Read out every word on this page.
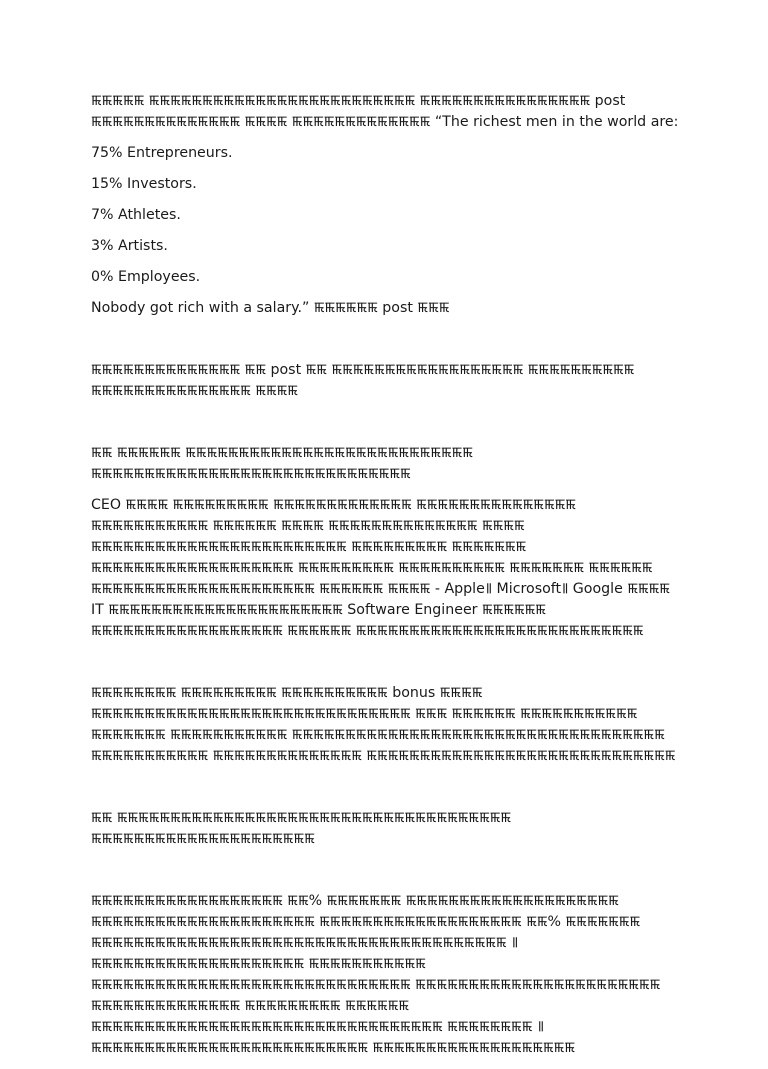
ꯃꯃꯃꯃꯃ ꯃꯃꯃꯃꯃꯃꯃꯃꯃꯃꯃꯃꯃꯃꯃꯃꯃꯃꯃꯃꯃꯃꯃꯃꯃ ꯃꯃꯃꯃꯃꯃꯃꯃꯃꯃꯃꯃꯃꯃꯃꯃ post ꯃꯃꯃꯃꯃꯃꯃꯃꯃꯃꯃꯃꯃꯃ ꯃꯃꯃꯃ ꯃꯃꯃꯃꯃꯃꯃꯃꯃꯃꯃꯃꯃ “The richest men in the world are:

75% Entrepreneurs.

15% Investors.

7% Athletes.

3% Artists.

0% Employees.

Nobody got rich with a salary.” ꯃꯃꯃꯃꯃꯃ post ꯃꯃꯃ

ꯃꯃꯃꯃꯃꯃꯃꯃꯃꯃꯃꯃꯃꯃ ꯃꯃ post ꯃꯃ ꯃꯃꯃꯃꯃꯃꯃꯃꯃꯃꯃꯃꯃꯃꯃꯃꯃꯃ ꯃꯃꯃꯃꯃꯃꯃꯃꯃꯃ ꯃꯃꯃꯃꯃꯃꯃꯃꯃꯃꯃꯃꯃꯃꯃ ꯃꯃꯃꯃ

ꯃꯃ ꯃꯃꯃꯃꯃꯃ ꯃꯃꯃꯃꯃꯃꯃꯃꯃꯃꯃꯃꯃꯃꯃꯃꯃꯃꯃꯃꯃꯃꯃꯃꯃꯃꯃ ꯃꯃꯃꯃꯃꯃꯃꯃꯃꯃꯃꯃꯃꯃꯃꯃꯃꯃꯃꯃꯃꯃꯃꯃꯃꯃꯃꯃꯃꯃ

CEO ꯃꯃꯃꯃ ꯃꯃꯃꯃꯃꯃꯃꯃꯃ ꯃꯃꯃꯃꯃꯃꯃꯃꯃꯃꯃꯃꯃ ꯃꯃꯃꯃꯃꯃꯃꯃꯃꯃꯃꯃꯃꯃꯃ ꯃꯃꯃꯃꯃꯃꯃꯃꯃꯃꯃ ꯃꯃꯃꯃꯃꯃ ꯃꯃꯃꯃ ꯃꯃꯃꯃꯃꯃꯃꯃꯃꯃꯃꯃꯃꯃ ꯃꯃꯃꯃ ꯃꯃꯃꯃꯃꯃꯃꯃꯃꯃꯃꯃꯃꯃꯃꯃꯃꯃꯃꯃꯃꯃꯃꯃ ꯃꯃꯃꯃꯃꯃꯃꯃꯃ ꯃꯃꯃꯃꯃꯃꯃ ꯃꯃꯃꯃꯃꯃꯃꯃꯃꯃꯃꯃꯃꯃꯃꯃꯃꯃꯃ ꯃꯃꯃꯃꯃꯃꯃꯃꯃ ꯃꯃꯃꯃꯃꯃꯃꯃꯃꯃ ꯃꯃꯃꯃꯃꯃꯃ ꯃꯃꯃꯃꯃꯃ ꯃꯃꯃꯃꯃꯃꯃꯃꯃꯃꯃꯃꯃꯃꯃꯃꯃꯃꯃꯃꯃ ꯃꯃꯃꯃꯃꯃ ꯃꯃꯃꯃ - Apple꯫ Microsoft꯫ Google ꯃꯃꯃꯃ IT ꯃꯃꯃꯃꯃꯃꯃꯃꯃꯃꯃꯃꯃꯃꯃꯃꯃꯃꯃꯃꯃꯃ Software Engineer ꯃꯃꯃꯃꯃꯃ ꯃꯃꯃꯃꯃꯃꯃꯃꯃꯃꯃꯃꯃꯃꯃꯃꯃꯃ ꯃꯃꯃꯃꯃꯃ ꯃꯃꯃꯃꯃꯃꯃꯃꯃꯃꯃꯃꯃꯃꯃꯃꯃꯃꯃꯃꯃꯃꯃꯃꯃꯃꯃ

ꯃꯃꯃꯃꯃꯃꯃꯃ ꯃꯃꯃꯃꯃꯃꯃꯃꯃ ꯃꯃꯃꯃꯃꯃꯃꯃꯃꯃ bonus ꯃꯃꯃꯃ ꯃꯃꯃꯃꯃꯃꯃꯃꯃꯃꯃꯃꯃꯃꯃꯃꯃꯃꯃꯃꯃꯃꯃꯃꯃꯃꯃꯃꯃꯃ ꯃꯃꯃ ꯃꯃꯃꯃꯃꯃ ꯃꯃꯃꯃꯃꯃꯃꯃꯃꯃꯃ ꯃꯃꯃꯃꯃꯃꯃ ꯃꯃꯃꯃꯃꯃꯃꯃꯃꯃꯃ ꯃꯃꯃꯃꯃꯃꯃꯃꯃꯃꯃꯃꯃꯃꯃꯃꯃꯃꯃꯃꯃꯃꯃꯃꯃꯃꯃꯃꯃꯃꯃꯃꯃꯃꯃ ꯃꯃꯃꯃꯃꯃꯃꯃꯃꯃꯃ ꯃꯃꯃꯃꯃꯃꯃꯃꯃꯃꯃꯃꯃꯃ ꯃꯃꯃꯃꯃꯃꯃꯃꯃꯃꯃꯃꯃꯃꯃꯃꯃꯃꯃꯃꯃꯃꯃꯃꯃꯃꯃꯃꯃ

ꯃꯃ ꯃꯃꯃꯃꯃꯃꯃꯃꯃꯃꯃꯃꯃꯃꯃꯃꯃꯃꯃꯃꯃꯃꯃꯃꯃꯃꯃꯃꯃꯃꯃꯃꯃꯃꯃꯃꯃ ꯃꯃꯃꯃꯃꯃꯃꯃꯃꯃꯃꯃꯃꯃꯃꯃꯃꯃꯃꯃꯃ

ꯃꯃꯃꯃꯃꯃꯃꯃꯃꯃꯃꯃꯃꯃꯃꯃꯃꯃ ꯃꯃ% ꯃꯃꯃꯃꯃꯃꯃ ꯃꯃꯃꯃꯃꯃꯃꯃꯃꯃꯃꯃꯃꯃꯃꯃꯃꯃꯃꯃ ꯃꯃꯃꯃꯃꯃꯃꯃꯃꯃꯃꯃꯃꯃꯃꯃꯃꯃꯃꯃꯃ ꯃꯃꯃꯃꯃꯃꯃꯃꯃꯃꯃꯃꯃꯃꯃꯃꯃꯃꯃ ꯃꯃ% ꯃꯃꯃꯃꯃꯃꯃ ꯃꯃꯃꯃꯃꯃꯃꯃꯃꯃꯃꯃꯃꯃꯃꯃꯃꯃꯃꯃꯃꯃꯃꯃꯃꯃꯃꯃꯃꯃꯃꯃꯃꯃꯃꯃꯃꯃꯃ ꯫ ꯃꯃꯃꯃꯃꯃꯃꯃꯃꯃꯃꯃꯃꯃꯃꯃꯃꯃꯃꯃ ꯃꯃꯃꯃꯃꯃꯃꯃꯃꯃꯃ ꯃꯃꯃꯃꯃꯃꯃꯃꯃꯃꯃꯃꯃꯃꯃꯃꯃꯃꯃꯃꯃꯃꯃꯃꯃꯃꯃꯃꯃꯃ ꯃꯃꯃꯃꯃꯃꯃꯃꯃꯃꯃꯃꯃꯃꯃꯃꯃꯃꯃꯃꯃꯃꯃ ꯃꯃꯃꯃꯃꯃꯃꯃꯃꯃꯃꯃꯃꯃ ꯃꯃꯃꯃꯃꯃꯃꯃꯃ ꯃꯃꯃꯃꯃꯃ ꯃꯃꯃꯃꯃꯃꯃꯃꯃꯃꯃꯃꯃꯃꯃꯃꯃꯃꯃꯃꯃꯃꯃꯃꯃꯃꯃꯃꯃꯃꯃꯃꯃ ꯃꯃꯃꯃꯃꯃꯃꯃ ꯫ ꯃꯃꯃꯃꯃꯃꯃꯃꯃꯃꯃꯃꯃꯃꯃꯃꯃꯃꯃꯃꯃꯃꯃꯃꯃꯃ ꯃꯃꯃꯃꯃꯃꯃꯃꯃꯃꯃꯃꯃꯃꯃꯃꯃꯃꯃ
